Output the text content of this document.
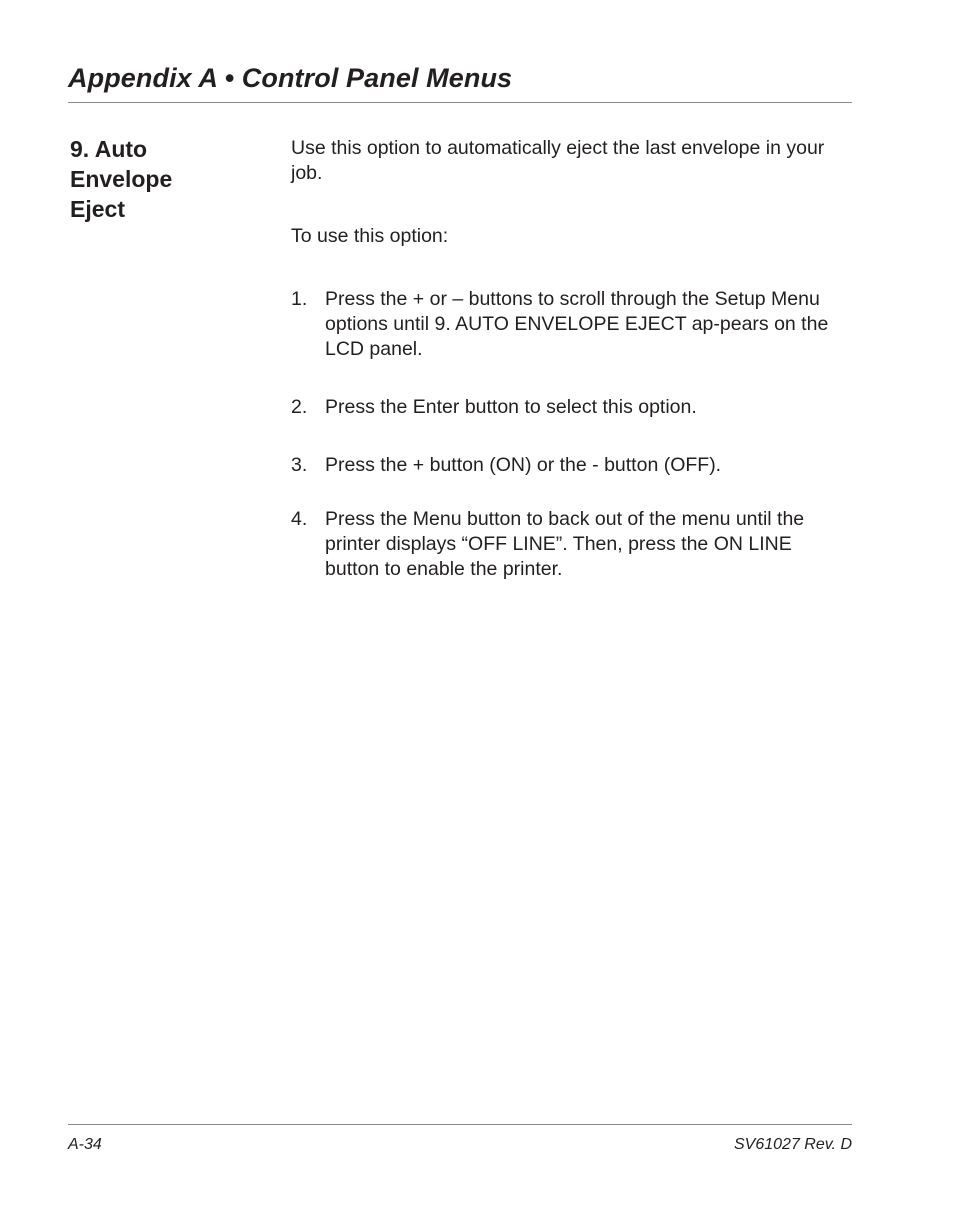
Appendix A • Control Panel Menus
9. Auto
Envelope
Eject

Use this option to automatically eject the last envelope in your job.

To use this option:

1. Press the + or – buttons to scroll through the Setup Menu options until 9. AUTO ENVELOPE EJECT ap-pears on the LCD panel.
2. Press the Enter button to select this option.
3. Press the + button (ON) or the - button (OFF).
4. Press the Menu button to back out of the menu until the printer displays “OFF LINE”. Then, press the ON LINE button to enable the printer.
A-34	SV61027 Rev. D
